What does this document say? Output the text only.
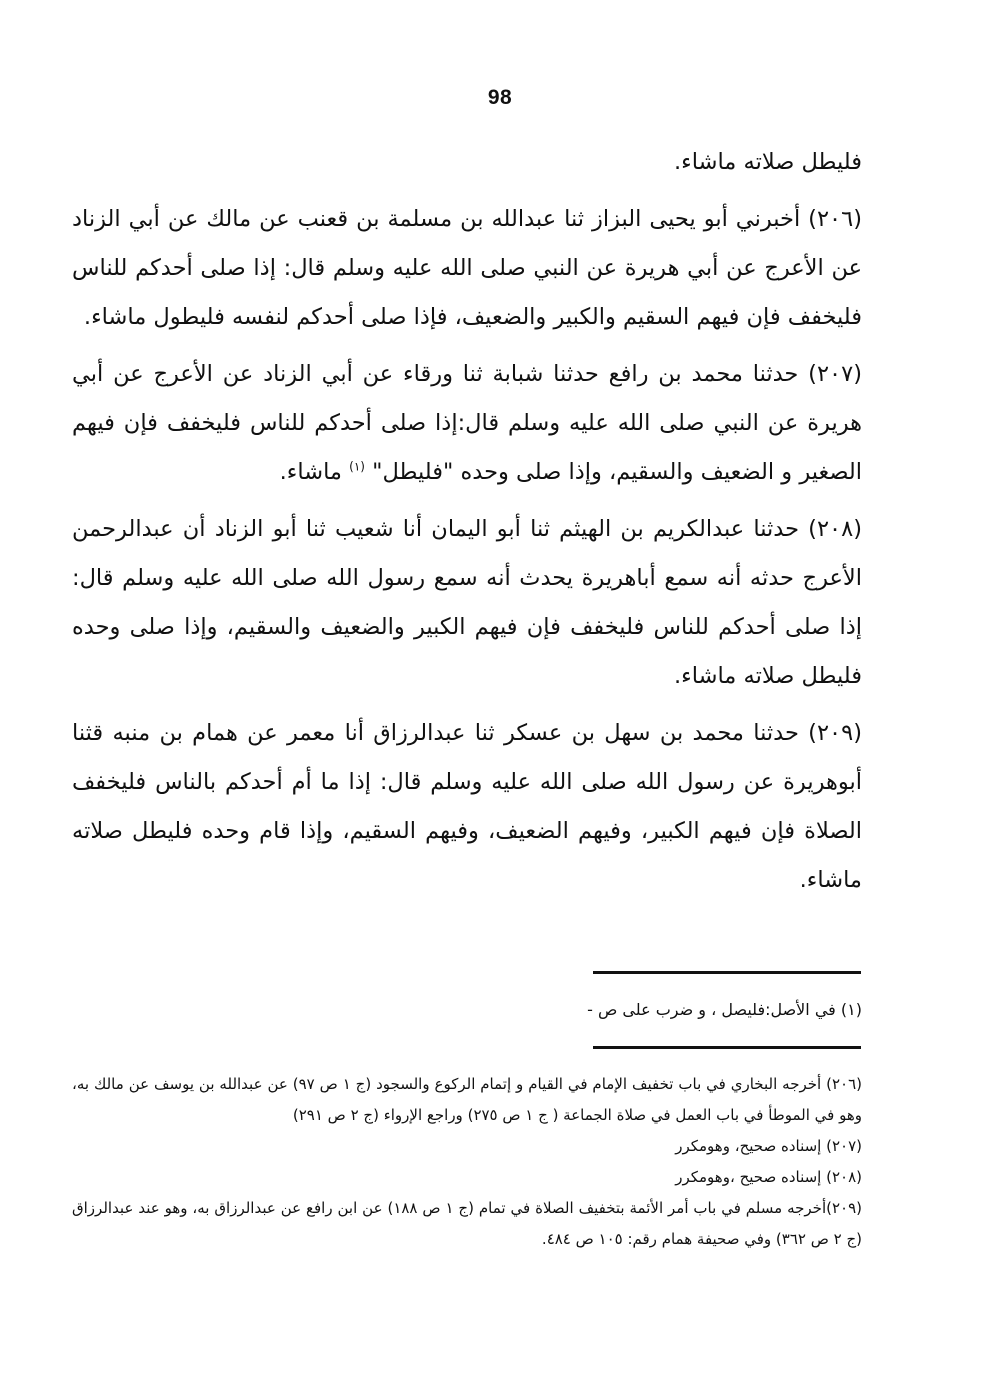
98

فليطل صلاته ماشاء.

(٢٠٦) أخبرني أبو يحيى البزاز ثنا عبدالله بن مسلمة بن قعنب عن مالك عن أبي الزناد عن الأعرج عن أبي هريرة عن النبي صلى الله عليه وسلم قال: إذا صلى أحدكم للناس فليخفف فإن فيهم السقيم والكبير والضعيف، فإذا صلى أحدكم لنفسه فليطول ماشاء.

(٢٠٧) حدثنا محمد بن رافع حدثنا شبابة ثنا ورقاء عن أبي الزناد عن الأعرج عن أبي هريرة عن النبي صلى الله عليه وسلم قال:إذا صلى أحدكم للناس فليخفف فإن فيهم الصغير و الضعيف والسقيم، وإذا صلى وحده "فليطل" $^{(١)}$ ماشاء.

(٢٠٨) حدثنا عبدالكريم بن الهيثم ثنا أبو اليمان أنا شعيب ثنا أبو الزناد أن عبدالرحمن الأعرج حدثه أنه سمع أباهريرة يحدث أنه سمع رسول الله صلى الله عليه وسلم قال: إذا صلى أحدكم للناس فليخفف فإن فيهم الكبير والضعيف والسقيم، وإذا صلى وحده فليطل صلاته ماشاء.

(٢٠٩) حدثنا محمد بن سهل بن عسكر ثنا عبدالرزاق أنا معمر عن همام بن منبه قثنا أبوهريرة عن رسول الله صلى الله عليه وسلم قال: إذا ما أم أحدكم بالناس فليخفف الصلاة فإن فيهم الكبير، وفيهم الضعيف، وفيهم السقيم، وإذا قام وحده فليطل صلاته ماشاء.

(١) في الأصل:فليصل ، و ضرب على ص -

(٢٠٦) أخرجه البخاري في باب تخفيف الإمام في القيام و إتمام الركوع والسجود (ج ١ ص ٩٧) عن عبدالله بن يوسف عن مالك به، وهو في الموطأ في باب العمل في صلاة الجماعة ( ج ١ ص ٢٧٥) وراجع الإرواء (ج ٢ ص ٢٩١)

(٢٠٧) إسناده صحيح، وهومكرر

(٢٠٨) إسناده صحيح ،وهومكرر

(٢٠٩)أخرجه مسلم في باب أمر الأئمة بتخفيف الصلاة في تمام (ج ١ ص ١٨٨) عن ابن رافع عن عبدالرزاق به، وهو عند عبدالرزاق (ج ٢ ص ٣٦٢) وفي صحيفة همام رقم: ١٠٥ ص ٤٨٤.
